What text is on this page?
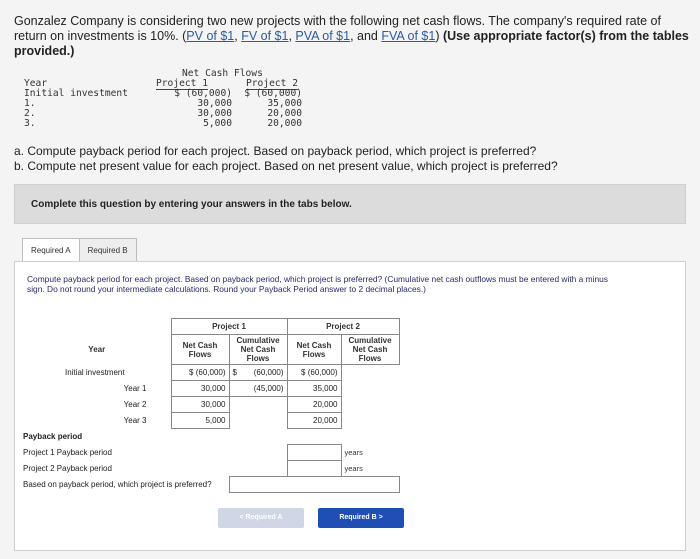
Gonzalez Company is considering two new projects with the following net cash flows. The company's required rate of return on investments is 10%. (PV of $1, FV of $1, PVA of $1, and FVA of $1) (Use appropriate factor(s) from the tables provided.)
Net Cash Flows
Year	Project 1	Project 2
Initial investment	$ (60,000)	$ (60,000)
1.	30,000	35,000
2.	30,000	20,000
3.	5,000	20,000
a. Compute payback period for each project. Based on payback period, which project is preferred?
b. Compute net present value for each project. Based on net present value, which project is preferred?
Complete this question by entering your answers in the tabs below.
Required A	Required B
Compute payback period for each project. Based on payback period, which project is preferred? (Cumulative net cash outflows must be entered with a minus sign. Do not round your intermediate calculations. Round your Payback Period answer to 2 decimal places.)
	Project 1		Project 2	
Year	Net Cash Flows	Cumulative Net Cash Flows	Net Cash Flows	Cumulative Net Cash Flows
Initial investment	$ (60,000)	$ (60,000)	$ (60,000)	
Year 1	30,000	(45,000)	35,000	
Year 2	30,000		20,000	
Year 3	5,000		20,000	
Payback period				
Project 1 Payback period				years
Project 2 Payback period				years
Based on payback period, which project is preferred?				
< Required A	Required B >
